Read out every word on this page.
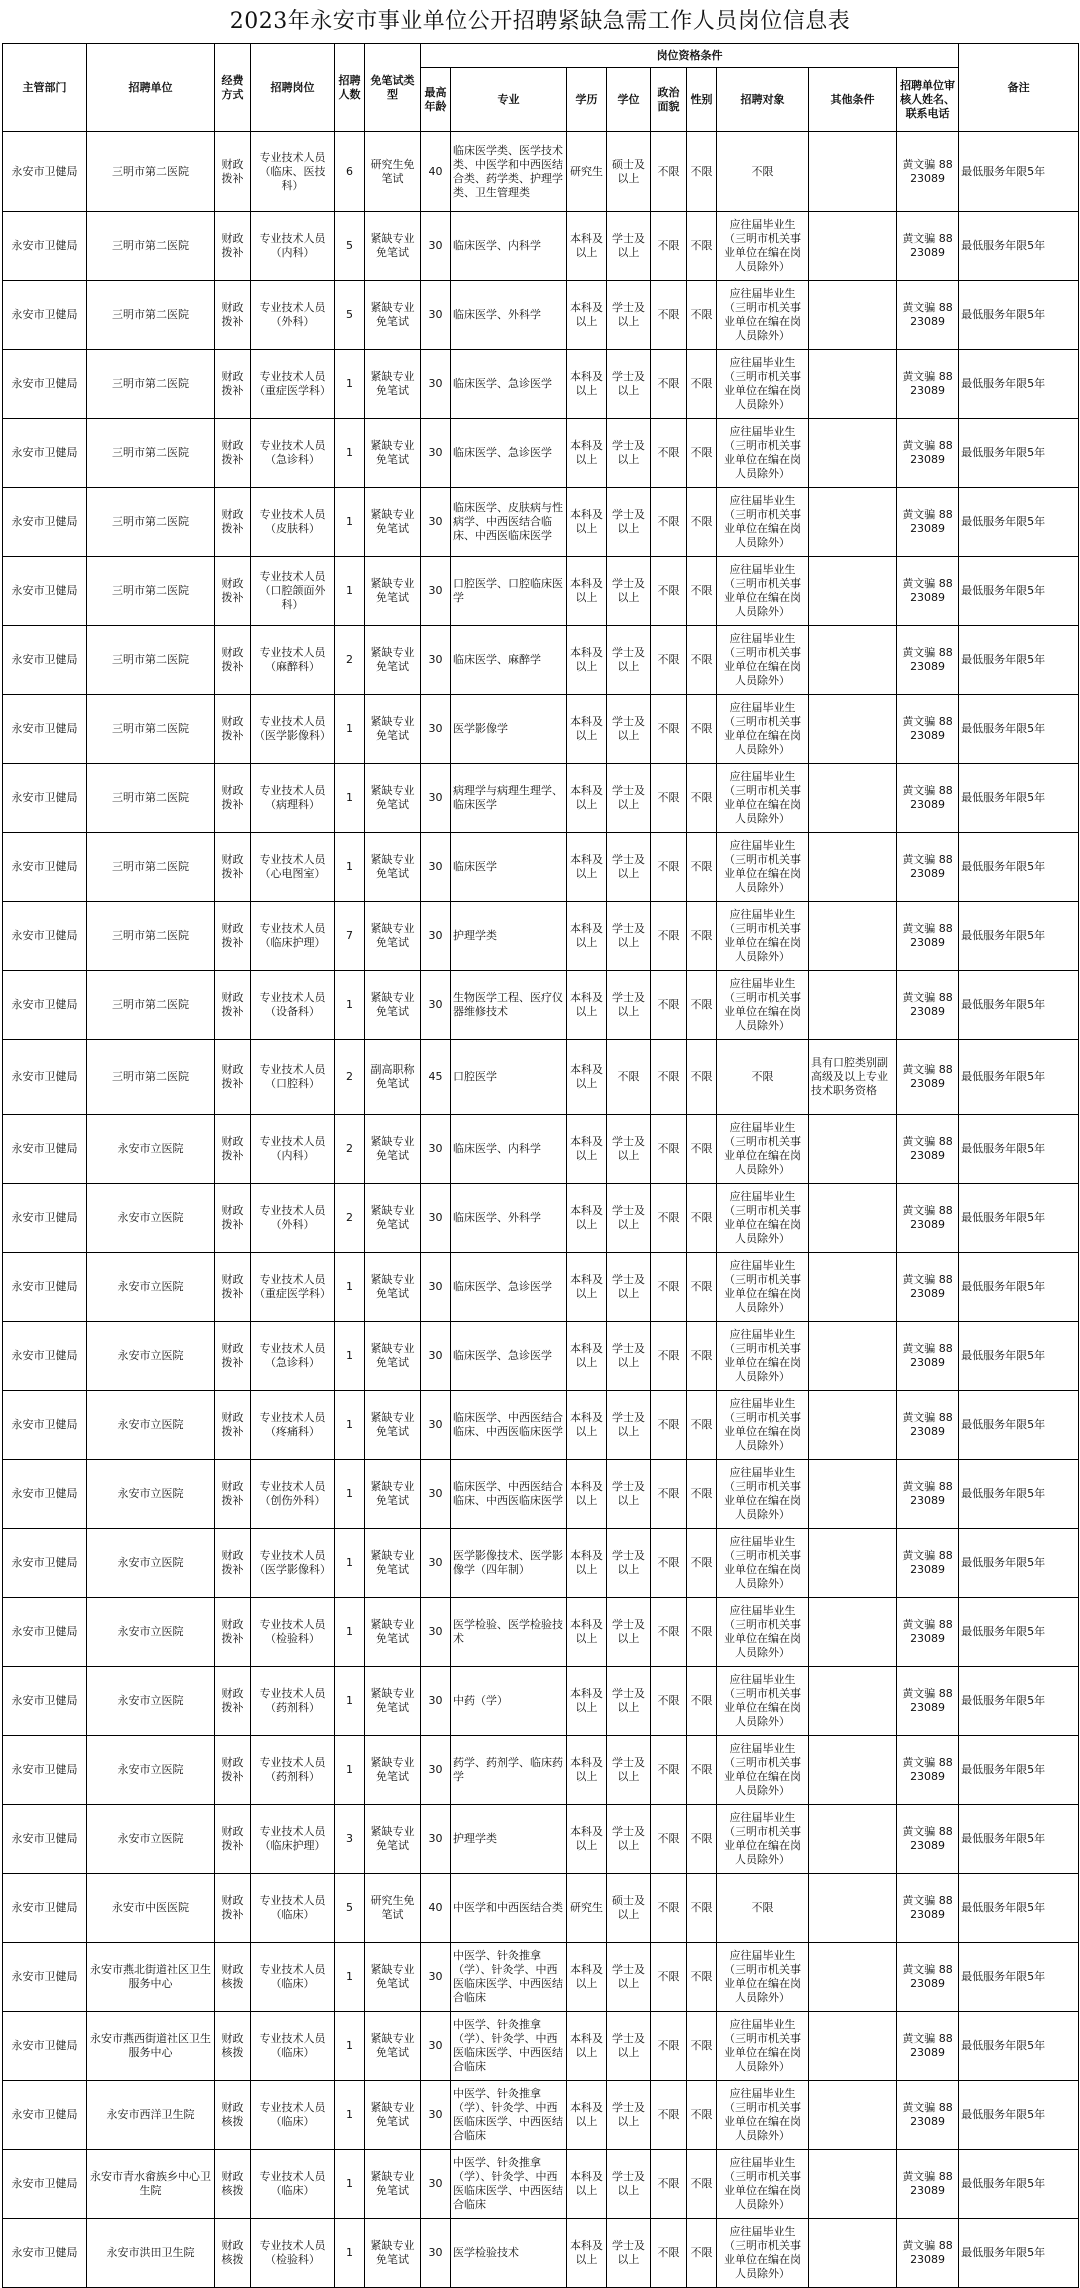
2023年永安市事业单位公开招聘紧缺急需工作人员岗位信息表
主管部门	招聘单位	经费方式	招聘岗位	招聘人数	免笔试类型	岗位资格条件									备注
						最高年龄	专业	学历	学位	政治面貌	性别	招聘对象	其他条件	招聘单位审核人姓名、联系电话	
永安市卫健局	三明市第二医院	财政拨补	专业技术人员（临床、医技科）	6	研究生免笔试	40	临床医学类、医学技术类、中医学和中西医结合类、药学类、护理学类、卫生管理类	研究生	硕士及以上	不限	不限	不限		黄文骗 8823089	最低服务年限5年
永安市卫健局	三明市第二医院	财政拨补	专业技术人员（内科）	5	紧缺专业免笔试	30	临床医学、内科学	本科及以上	学士及以上	不限	不限	应往届毕业生（三明市机关事业单位在编在岗人员除外）		黄文骗 8823089	最低服务年限5年
永安市卫健局	三明市第二医院	财政拨补	专业技术人员（外科）	5	紧缺专业免笔试	30	临床医学、外科学	本科及以上	学士及以上	不限	不限	应往届毕业生（三明市机关事业单位在编在岗人员除外）		黄文骗 8823089	最低服务年限5年
永安市卫健局	三明市第二医院	财政拨补	专业技术人员（重症医学科）	1	紧缺专业免笔试	30	临床医学、急诊医学	本科及以上	学士及以上	不限	不限	应往届毕业生（三明市机关事业单位在编在岗人员除外）		黄文骗 8823089	最低服务年限5年
永安市卫健局	三明市第二医院	财政拨补	专业技术人员（急诊科）	1	紧缺专业免笔试	30	临床医学、急诊医学	本科及以上	学士及以上	不限	不限	应往届毕业生（三明市机关事业单位在编在岗人员除外）		黄文骗 8823089	最低服务年限5年
永安市卫健局	三明市第二医院	财政拨补	专业技术人员（皮肤科）	1	紧缺专业免笔试	30	临床医学、皮肤病与性病学、中西医结合临床、中西医临床医学	本科及以上	学士及以上	不限	不限	应往届毕业生（三明市机关事业单位在编在岗人员除外）		黄文骗 8823089	最低服务年限5年
永安市卫健局	三明市第二医院	财政拨补	专业技术人员（口腔颌面外科）	1	紧缺专业免笔试	30	口腔医学、口腔临床医学	本科及以上	学士及以上	不限	不限	应往届毕业生（三明市机关事业单位在编在岗人员除外）		黄文骗 8823089	最低服务年限5年
永安市卫健局	三明市第二医院	财政拨补	专业技术人员（麻醉科）	2	紧缺专业免笔试	30	临床医学、麻醉学	本科及以上	学士及以上	不限	不限	应往届毕业生（三明市机关事业单位在编在岗人员除外）		黄文骗 8823089	最低服务年限5年
永安市卫健局	三明市第二医院	财政拨补	专业技术人员（医学影像科）	1	紧缺专业免笔试	30	医学影像学	本科及以上	学士及以上	不限	不限	应往届毕业生（三明市机关事业单位在编在岗人员除外）		黄文骗 8823089	最低服务年限5年
永安市卫健局	三明市第二医院	财政拨补	专业技术人员（病理科）	1	紧缺专业免笔试	30	病理学与病理生理学、临床医学	本科及以上	学士及以上	不限	不限	应往届毕业生（三明市机关事业单位在编在岗人员除外）		黄文骗 8823089	最低服务年限5年
永安市卫健局	三明市第二医院	财政拨补	专业技术人员（心电图室）	1	紧缺专业免笔试	30	临床医学	本科及以上	学士及以上	不限	不限	应往届毕业生（三明市机关事业单位在编在岗人员除外）		黄文骗 8823089	最低服务年限5年
永安市卫健局	三明市第二医院	财政拨补	专业技术人员（临床护理）	7	紧缺专业免笔试	30	护理学类	本科及以上	学士及以上	不限	不限	应往届毕业生（三明市机关事业单位在编在岗人员除外）		黄文骗 8823089	最低服务年限5年
永安市卫健局	三明市第二医院	财政拨补	专业技术人员（设备科）	1	紧缺专业免笔试	30	生物医学工程、医疗仪器维修技术	本科及以上	学士及以上	不限	不限	应往届毕业生（三明市机关事业单位在编在岗人员除外）		黄文骗 8823089	最低服务年限5年
永安市卫健局	三明市第二医院	财政拨补	专业技术人员（口腔科）	2	副高职称免笔试	45	口腔医学	本科及以上	不限	不限	不限	不限	具有口腔类别副高级及以上专业技术职务资格	黄文骗 8823089	最低服务年限5年
永安市卫健局	永安市立医院	财政拨补	专业技术人员（内科）	2	紧缺专业免笔试	30	临床医学、内科学	本科及以上	学士及以上	不限	不限	应往届毕业生（三明市机关事业单位在编在岗人员除外）		黄文骗 8823089	最低服务年限5年
永安市卫健局	永安市立医院	财政拨补	专业技术人员（外科）	2	紧缺专业免笔试	30	临床医学、外科学	本科及以上	学士及以上	不限	不限	应往届毕业生（三明市机关事业单位在编在岗人员除外）		黄文骗 8823089	最低服务年限5年
永安市卫健局	永安市立医院	财政拨补	专业技术人员（重症医学科）	1	紧缺专业免笔试	30	临床医学、急诊医学	本科及以上	学士及以上	不限	不限	应往届毕业生（三明市机关事业单位在编在岗人员除外）		黄文骗 8823089	最低服务年限5年
永安市卫健局	永安市立医院	财政拨补	专业技术人员（急诊科）	1	紧缺专业免笔试	30	临床医学、急诊医学	本科及以上	学士及以上	不限	不限	应往届毕业生（三明市机关事业单位在编在岗人员除外）		黄文骗 8823089	最低服务年限5年
永安市卫健局	永安市立医院	财政拨补	专业技术人员（疼痛科）	1	紧缺专业免笔试	30	临床医学、中西医结合临床、中西医临床医学	本科及以上	学士及以上	不限	不限	应往届毕业生（三明市机关事业单位在编在岗人员除外）		黄文骗 8823089	最低服务年限5年
永安市卫健局	永安市立医院	财政拨补	专业技术人员（创伤外科）	1	紧缺专业免笔试	30	临床医学、中西医结合临床、中西医临床医学	本科及以上	学士及以上	不限	不限	应往届毕业生（三明市机关事业单位在编在岗人员除外）		黄文骗 8823089	最低服务年限5年
永安市卫健局	永安市立医院	财政拨补	专业技术人员（医学影像科）	1	紧缺专业免笔试	30	医学影像技术、医学影像学（四年制）	本科及以上	学士及以上	不限	不限	应往届毕业生（三明市机关事业单位在编在岗人员除外）		黄文骗 8823089	最低服务年限5年
永安市卫健局	永安市立医院	财政拨补	专业技术人员（检验科）	1	紧缺专业免笔试	30	医学检验、医学检验技术	本科及以上	学士及以上	不限	不限	应往届毕业生（三明市机关事业单位在编在岗人员除外）		黄文骗 8823089	最低服务年限5年
永安市卫健局	永安市立医院	财政拨补	专业技术人员（药剂科）	1	紧缺专业免笔试	30	中药（学）	本科及以上	学士及以上	不限	不限	应往届毕业生（三明市机关事业单位在编在岗人员除外）		黄文骗 8823089	最低服务年限5年
永安市卫健局	永安市立医院	财政拨补	专业技术人员（药剂科）	1	紧缺专业免笔试	30	药学、药剂学、临床药学	本科及以上	学士及以上	不限	不限	应往届毕业生（三明市机关事业单位在编在岗人员除外）		黄文骗 8823089	最低服务年限5年
永安市卫健局	永安市立医院	财政拨补	专业技术人员（临床护理）	3	紧缺专业免笔试	30	护理学类	本科及以上	学士及以上	不限	不限	应往届毕业生（三明市机关事业单位在编在岗人员除外）		黄文骗 8823089	最低服务年限5年
永安市卫健局	永安市中医医院	财政拨补	专业技术人员（临床）	5	研究生免笔试	40	中医学和中西医结合类	研究生	硕士及以上	不限	不限	不限		黄文骗 8823089	最低服务年限5年
永安市卫健局	永安市燕北街道社区卫生服务中心	财政核拨	专业技术人员（临床）	1	紧缺专业免笔试	30	中医学、针灸推拿（学）、针灸学、中西医临床医学、中西医结合临床	本科及以上	学士及以上	不限	不限	应往届毕业生（三明市机关事业单位在编在岗人员除外）		黄文骗 8823089	最低服务年限5年
永安市卫健局	永安市燕西街道社区卫生服务中心	财政核拨	专业技术人员（临床）	1	紧缺专业免笔试	30	中医学、针灸推拿（学）、针灸学、中西医临床医学、中西医结合临床	本科及以上	学士及以上	不限	不限	应往届毕业生（三明市机关事业单位在编在岗人员除外）		黄文骗 8823089	最低服务年限5年
永安市卫健局	永安市西洋卫生院	财政核拨	专业技术人员（临床）	1	紧缺专业免笔试	30	中医学、针灸推拿（学）、针灸学、中西医临床医学、中西医结合临床	本科及以上	学士及以上	不限	不限	应往届毕业生（三明市机关事业单位在编在岗人员除外）		黄文骗 8823089	最低服务年限5年
永安市卫健局	永安市青水畲族乡中心卫生院	财政核拨	专业技术人员（临床）	1	紧缺专业免笔试	30	中医学、针灸推拿（学）、针灸学、中西医临床医学、中西医结合临床	本科及以上	学士及以上	不限	不限	应往届毕业生（三明市机关事业单位在编在岗人员除外）		黄文骗 8823089	最低服务年限5年
永安市卫健局	永安市洪田卫生院	财政核拨	专业技术人员（检验科）	1	紧缺专业免笔试	30	医学检验技术	本科及以上	学士及以上	不限	不限	应往届毕业生（三明市机关事业单位在编在岗人员除外）		黄文骗 8823089	最低服务年限5年
